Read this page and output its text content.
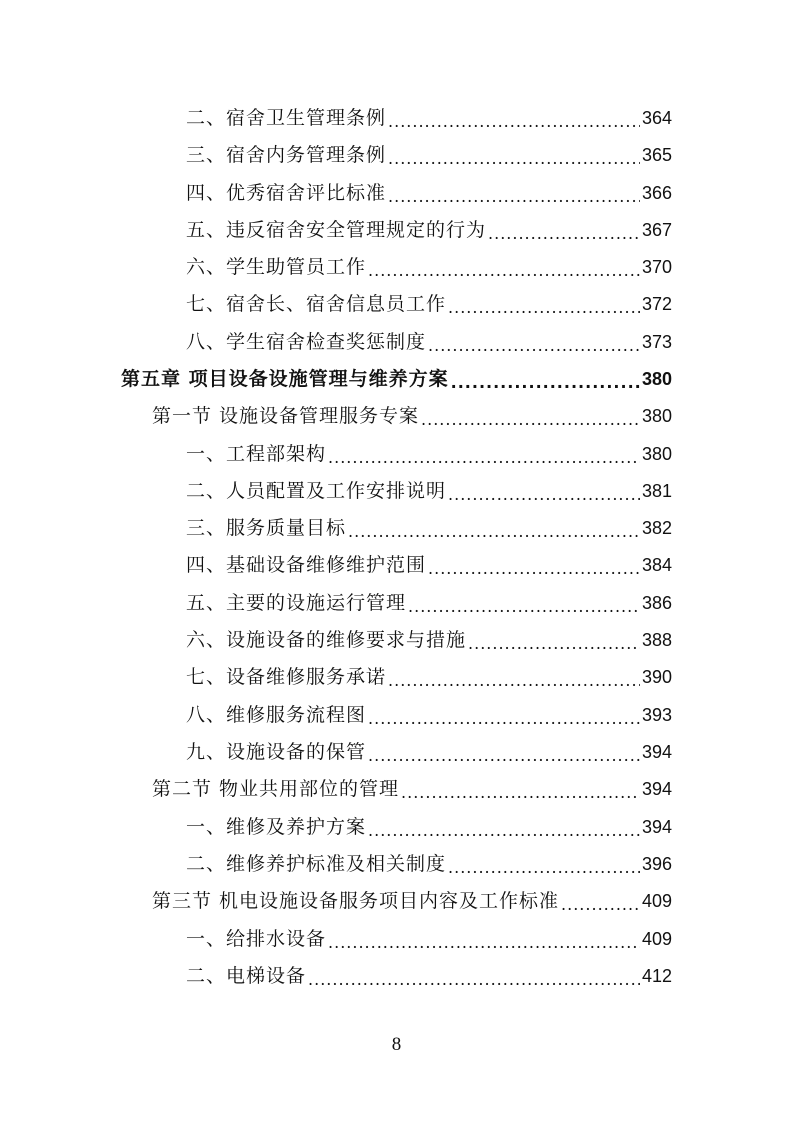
二、宿舍卫生管理条例 .....	364
三、宿舍内务管理条例 .....	365
四、优秀宿舍评比标准 .....	366
五、违反宿舍安全管理规定的行为 .....	367
六、学生助管员工作 .....	370
七、宿舍长、宿舍信息员工作 .....	372
八、学生宿舍检查奖惩制度 .....	373
第五章 项目设备设施管理与维养方案 .....	380
第一节 设施设备管理服务专案 .....	380
一、工程部架构 .....	380
二、人员配置及工作安排说明 .....	381
三、服务质量目标 .....	382
四、基础设备维修维护范围 .....	384
五、主要的设施运行管理 .....	386
六、设施设备的维修要求与措施 .....	388
七、设备维修服务承诺 .....	390
八、维修服务流程图 .....	393
九、设施设备的保管 .....	394
第二节 物业共用部位的管理 .....	394
一、维修及养护方案 .....	394
二、维修养护标准及相关制度 .....	396
第三节 机电设施设备服务项目内容及工作标准 .....	409
一、给排水设备 .....	409
二、电梯设备 .....	412
8
